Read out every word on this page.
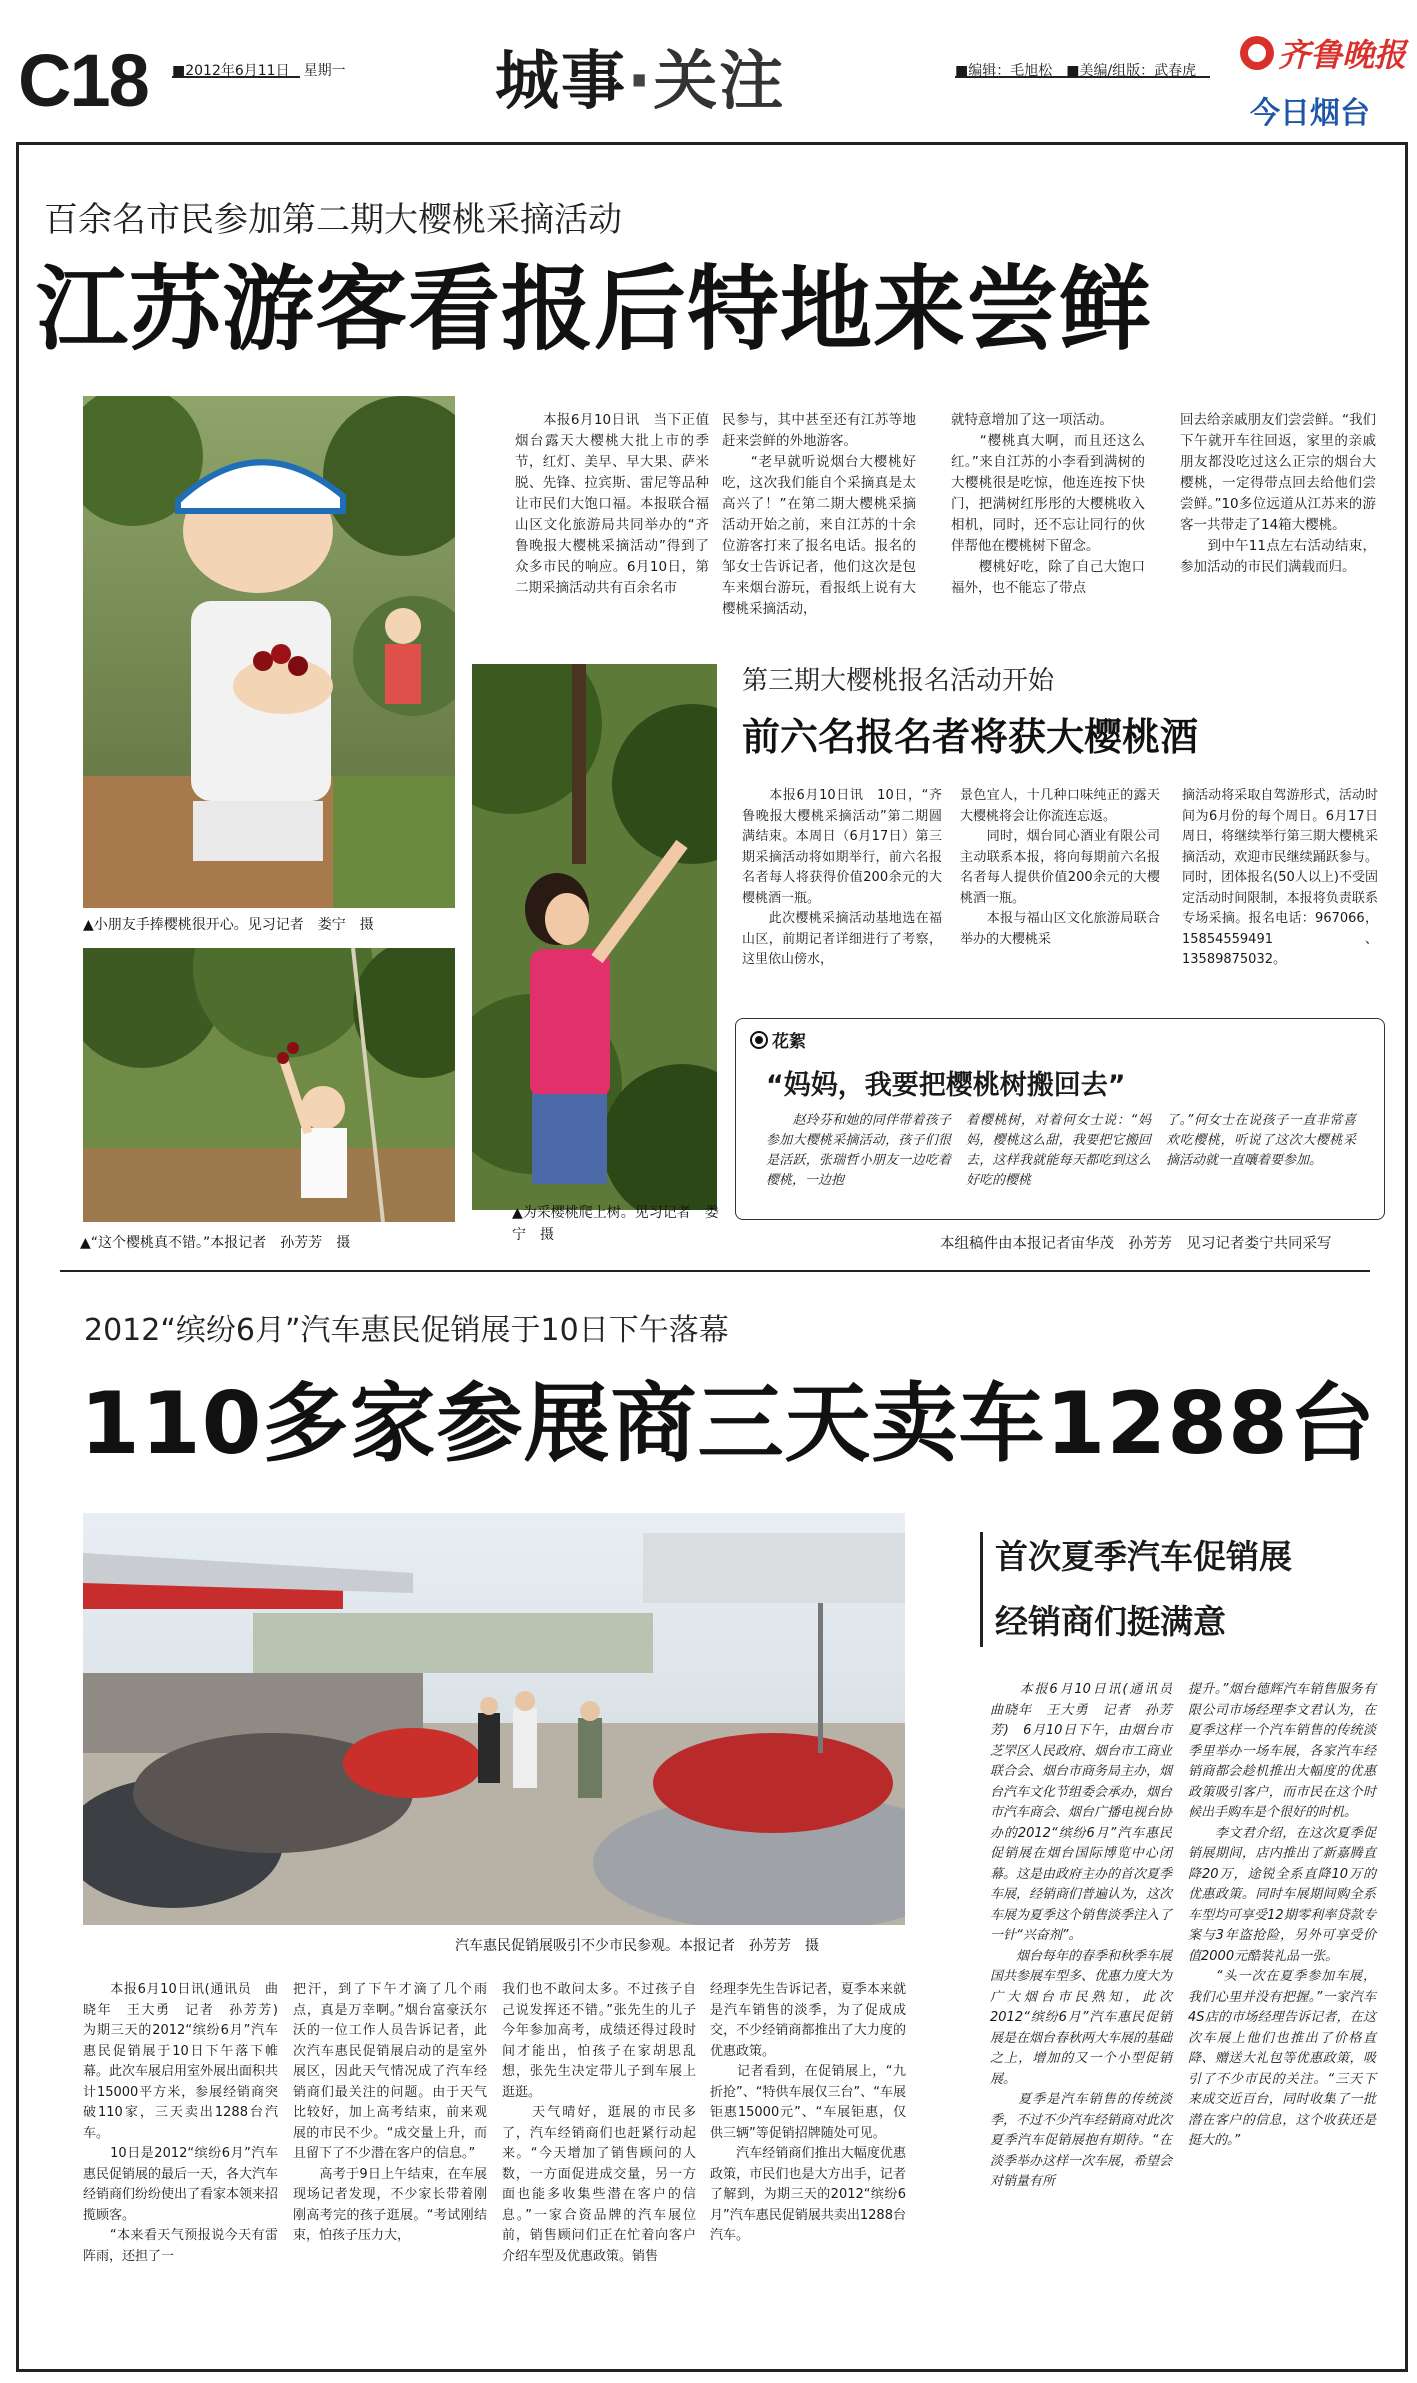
C18 ■2012年6月11日　星期一 城事·关注	■编辑：毛旭松　■美编/组版：武春虎	齐鲁晚报
今日烟台
百余名市民参加第二期大樱桃采摘活动
江苏游客看报后特地来尝鲜
▲小朋友手捧樱桃很开心。见习记者　娄宁　摄
▲“这个樱桃真不错。”本报记者　孙芳芳　摄
▲为采樱桃爬上树。见习记者　娄宁　摄
　　本报6月10日讯　当下正值烟台露天大樱桃大批上市的季节，红灯、美早、早大果、萨米脱、先锋、拉宾斯、雷尼等品种让市民们大饱口福。本报联合福山区文化旅游局共同举办的“齐鲁晚报大樱桃采摘活动”得到了众多市民的响应。6月10日，第二期采摘活动共有百余名市
民参与，其中甚至还有江苏等地赶来尝鲜的外地游客。
　　“老早就听说烟台大樱桃好吃，这次我们能自个采摘真是太高兴了！”在第二期大樱桃采摘活动开始之前，来自江苏的十余位游客打来了报名电话。报名的邹女士告诉记者，他们这次是包车来烟台游玩，看报纸上说有大樱桃采摘活动，
就特意增加了这一项活动。
　　“樱桃真大啊，而且还这么红。”来自江苏的小李看到满树的大樱桃很是吃惊，他连连按下快门，把满树红彤彤的大樱桃收入相机，同时，还不忘让同行的伙伴帮他在樱桃树下留念。
　　樱桃好吃，除了自己大饱口福外，也不能忘了带点
回去给亲戚朋友们尝尝鲜。“我们下午就开车往回返，家里的亲戚朋友都没吃过这么正宗的烟台大樱桃，一定得带点回去给他们尝尝鲜。”10多位远道从江苏来的游客一共带走了14箱大樱桃。
　　到中午11点左右活动结束，参加活动的市民们满载而归。
第三期大樱桃报名活动开始
前六名报名者将获大樱桃酒
　　本报6月10日讯　10日，“齐鲁晚报大樱桃采摘活动”第二期圆满结束。本周日（6月17日）第三期采摘活动将如期举行，前六名报名者每人将获得价值200余元的大樱桃酒一瓶。
　　此次樱桃采摘活动基地选在福山区，前期记者详细进行了考察，这里依山傍水，
景色宜人，十几种口味纯正的露天大樱桃将会让你流连忘返。
　　同时，烟台同心酒业有限公司主动联系本报，将向每期前六名报名者每人提供价值200余元的大樱桃酒一瓶。
　　本报与福山区文化旅游局联合举办的大樱桃采
摘活动将采取自驾游形式，活动时间为6月份的每个周日。6月17日周日，将继续举行第三期大樱桃采摘活动，欢迎市民继续踊跃参与。同时，团体报名(50人以上)不受固定活动时间限制，本报将负责联系专场采摘。报名电话：967066，15854559491、13589875032。
花絮
“妈妈，我要把樱桃树搬回去”
　　赵玲芬和她的同伴带着孩子参加大樱桃采摘活动，孩子们很是活跃，张瑞哲小朋友一边吃着樱桃，一边抱
着樱桃树，对着何女士说：“妈妈，樱桃这么甜，我要把它搬回去，这样我就能每天都吃到这么好吃的樱桃
了。”何女士在说孩子一直非常喜欢吃樱桃，听说了这次大樱桃采摘活动就一直嚷着要参加。
本组稿件由本报记者宙华茂　孙芳芳　见习记者娄宁共同采写
2012“缤纷6月”汽车惠民促销展于10日下午落幕
110多家参展商三天卖车1288台
汽车惠民促销展吸引不少市民参观。本报记者　孙芳芳　摄
　　本报6月10日讯(通讯员　曲晓年　王大勇　记者　孙芳芳)　为期三天的2012“缤纷6月”汽车惠民促销展于10日下午落下帷幕。此次车展启用室外展出面积共计15000平方米，参展经销商突破110家，三天卖出1288台汽车。
　　10日是2012“缤纷6月”汽车惠民促销展的最后一天，各大汽车经销商们纷纷使出了看家本领来招揽顾客。
　　“本来看天气预报说今天有雷阵雨，还担了一
把汗，到了下午才滴了几个雨点，真是万幸啊。”烟台富豪沃尔沃的一位工作人员告诉记者，此次汽车惠民促销展启动的是室外展区，因此天气情况成了汽车经销商们最关注的问题。由于天气比较好，加上高考结束，前来观展的市民不少。“成交量上升，而且留下了不少潜在客户的信息。”
　　高考于9日上午结束，在车展现场记者发现，不少家长带着刚刚高考完的孩子逛展。“考试刚结束，怕孩子压力大，
我们也不敢问太多。不过孩子自己说发挥还不错。”张先生的儿子今年参加高考，成绩还得过段时间才能出，怕孩子在家胡思乱想，张先生决定带儿子到车展上逛逛。
　　天气晴好，逛展的市民多了，汽车经销商们也赶紧行动起来。“今天增加了销售顾问的人数，一方面促进成交量，另一方面也能多收集些潜在客户的信息。”一家合资品牌的汽车展位前，销售顾问们正在忙着向客户介绍车型及优惠政策。销售
经理李先生告诉记者，夏季本来就是汽车销售的淡季，为了促成成交，不少经销商都推出了大力度的优惠政策。
　　记者看到，在促销展上，“九折抢”、“特供车展仅三台”、“车展钜惠15000元”、“车展钜惠，仅供三辆”等促销招牌随处可见。
　　汽车经销商们推出大幅度优惠政策，市民们也是大方出手，记者了解到，为期三天的2012“缤纷6月”汽车惠民促销展共卖出1288台汽车。
首次夏季汽车促销展
经销商们挺满意
　　本报6月10日讯(通讯员　曲晓年　王大勇　记者　孙芳芳)　6月10日下午，由烟台市芝罘区人民政府、烟台市工商业联合会、烟台市商务局主办，烟台汽车文化节组委会承办，烟台市汽车商会、烟台广播电视台协办的2012“缤纷6月”汽车惠民促销展在烟台国际博览中心闭幕。这是由政府主办的首次夏季车展，经销商们普遍认为，这次车展为夏季这个销售淡季注入了一针“兴奋剂”。
　　烟台每年的春季和秋季车展国共参展车型多、优惠力度大为广大烟台市民熟知，此次2012“缤纷6月”汽车惠民促销展是在烟台春秋两大车展的基础之上，增加的又一个小型促销展。
　　夏季是汽车销售的传统淡季，不过不少汽车经销商对此次夏季汽车促销展抱有期待。“在淡季举办这样一次车展，希望会对销量有所
提升。”烟台德辉汽车销售服务有限公司市场经理李文君认为，在夏季这样一个汽车销售的传统淡季里举办一场车展，各家汽车经销商都会趁机推出大幅度的优惠政策吸引客户，而市民在这个时候出手购车是个很好的时机。
　　李文君介绍，在这次夏季促销展期间，店内推出了新嘉腾直降20万，途锐全系直降10万的优惠政策。同时车展期间购全系车型均可享受12期零利率贷款专案与3年盗抢险，另外可享受价值2000元酷装礼品一张。
　　“头一次在夏季参加车展，我们心里并没有把握。”一家汽车4S店的市场经理告诉记者，在这次车展上他们也推出了价格直降、赠送大礼包等优惠政策，吸引了不少市民的关注。“三天下来成交近百台，同时收集了一批潜在客户的信息，这个收获还是挺大的。”
